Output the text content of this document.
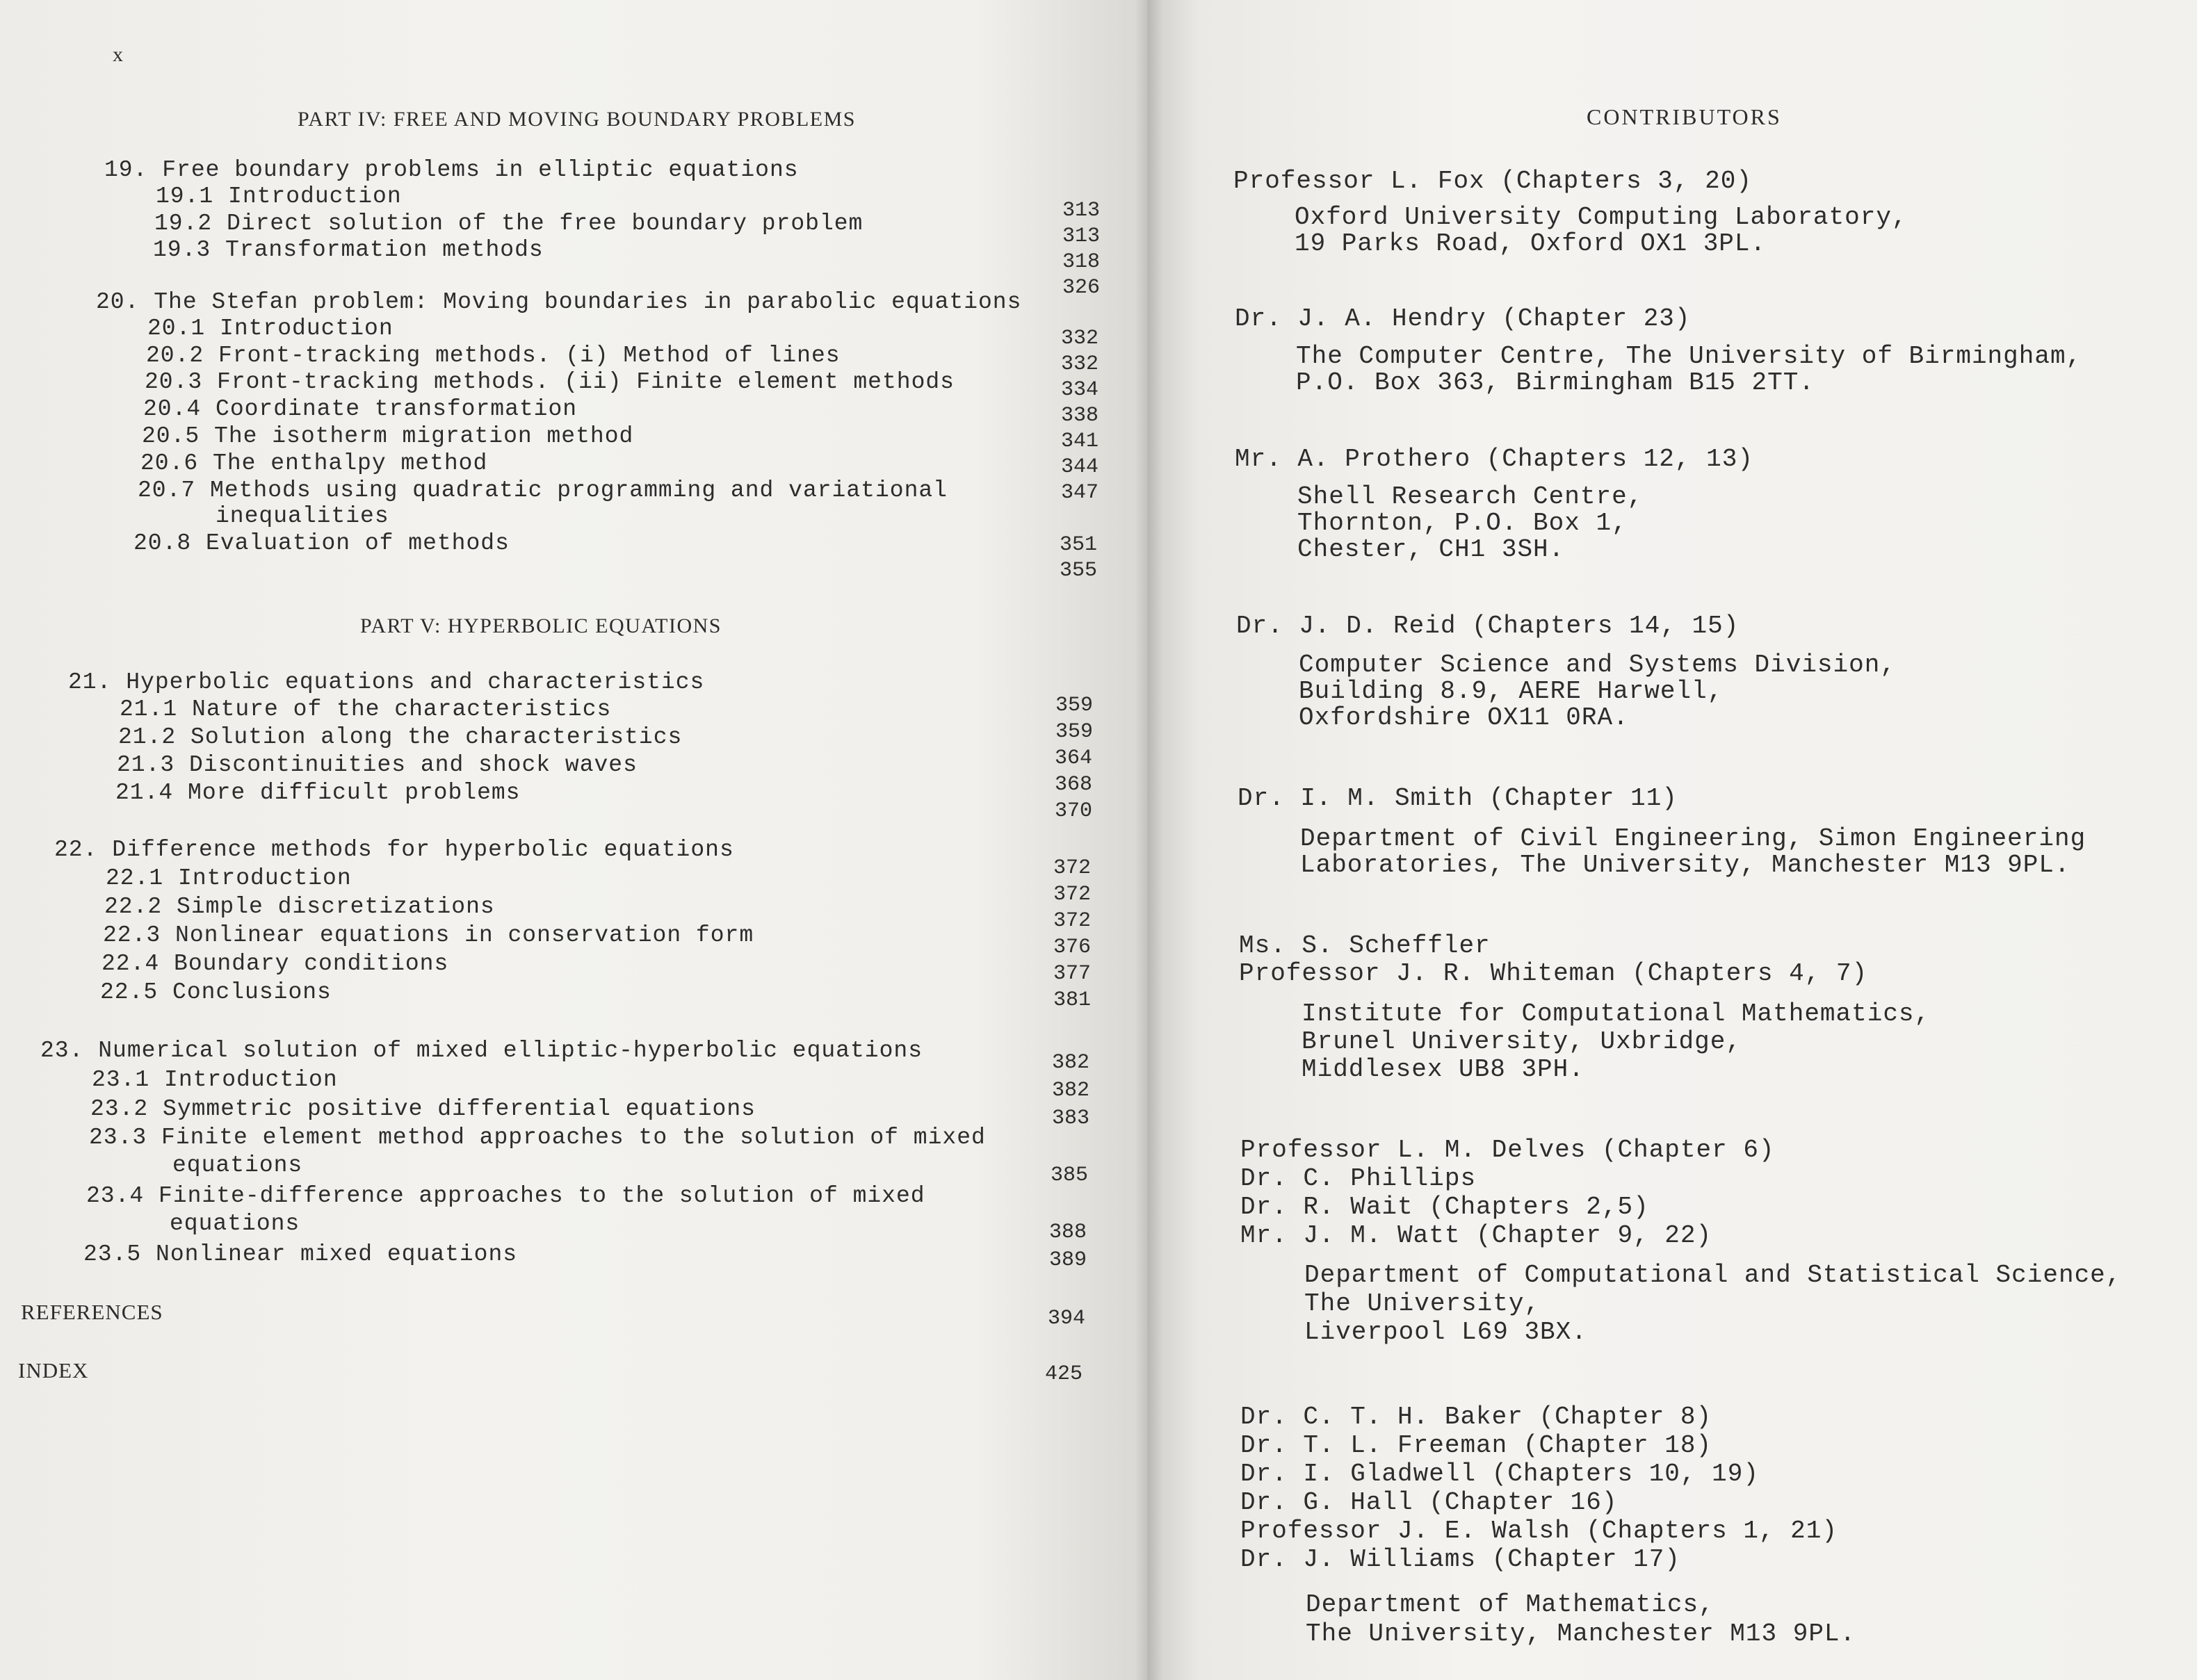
x
PART IV: FREE AND MOVING BOUNDARY PROBLEMS
19. Free boundary problems in elliptic equations
19.1 Introduction
19.2 Direct solution of the free boundary problem
19.3 Transformation methods
20. The Stefan problem: Moving boundaries in parabolic equations
20.1 Introduction
20.2 Front-tracking methods. (i) Method of lines
20.3 Front-tracking methods. (ii) Finite element methods
20.4 Coordinate transformation
20.5 The isotherm migration method
20.6 The enthalpy method
20.7 Methods using quadratic programming and variational
inequalities
20.8 Evaluation of methods
313
313
318
326
332
332
334
338
341
344
347
351
355
PART V: HYPERBOLIC EQUATIONS
21. Hyperbolic equations and characteristics
21.1 Nature of the characteristics
21.2 Solution along the characteristics
21.3 Discontinuities and shock waves
21.4 More difficult problems
22. Difference methods for hyperbolic equations
22.1 Introduction
22.2 Simple discretizations
22.3 Nonlinear equations in conservation form
22.4 Boundary conditions
22.5 Conclusions
23. Numerical solution of mixed elliptic-hyperbolic equations
23.1 Introduction
23.2 Symmetric positive differential equations
23.3 Finite element method approaches to the solution of mixed
equations
23.4 Finite-difference approaches to the solution of mixed
equations
23.5 Nonlinear mixed equations
359
359
364
368
370
372
372
372
376
377
381
382
382
383
385
388
389
REFERENCES	394
INDEX	425
CONTRIBUTORS
Professor L. Fox (Chapters 3, 20)
Oxford University Computing Laboratory,
19 Parks Road, Oxford OX1 3PL.
Dr. J. A. Hendry (Chapter 23)
The Computer Centre, The University of Birmingham,
P.O. Box 363, Birmingham B15 2TT.
Mr. A. Prothero (Chapters 12, 13)
Shell Research Centre,
Thornton, P.O. Box 1,
Chester, CH1 3SH.
Dr. J. D. Reid (Chapters 14, 15)
Computer Science and Systems Division,
Building 8.9, AERE Harwell,
Oxfordshire OX11 0RA.
Dr. I. M. Smith (Chapter 11)
Department of Civil Engineering, Simon Engineering
Laboratories, The University, Manchester M13 9PL.
Ms. S. Scheffler
Professor J. R. Whiteman (Chapters 4, 7)
Institute for Computational Mathematics,
Brunel University, Uxbridge,
Middlesex UB8 3PH.
Professor L. M. Delves (Chapter 6)
Dr. C. Phillips
Dr. R. Wait (Chapters 2,5)
Mr. J. M. Watt (Chapter 9, 22)
Department of Computational and Statistical Science,
The University,
Liverpool L69 3BX.
Dr. C. T. H. Baker (Chapter 8)
Dr. T. L. Freeman (Chapter 18)
Dr. I. Gladwell (Chapters 10, 19)
Dr. G. Hall (Chapter 16)
Professor J. E. Walsh (Chapters 1, 21)
Dr. J. Williams (Chapter 17)
Department of Mathematics,
The University, Manchester M13 9PL.
